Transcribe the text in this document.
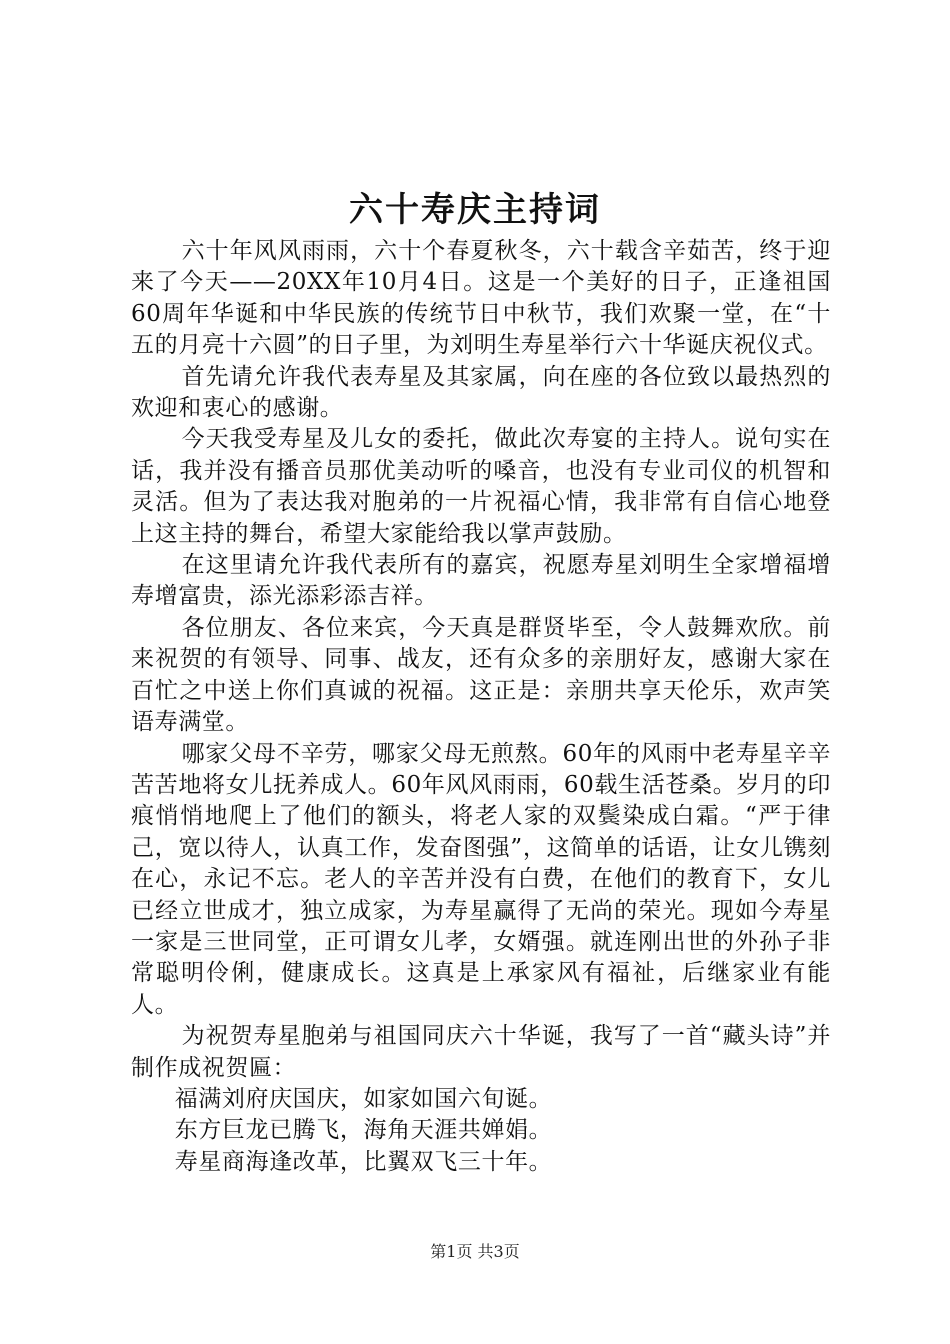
六十寿庆主持词

六十年风风雨雨，六十个春夏秋冬，六十载含辛茹苦，终于迎来了今天——20XX年10月4日。这是一个美好的日子，正逢祖国60周年华诞和中华民族的传统节日中秋节，我们欢聚一堂，在“十五的月亮十六圆”的日子里，为刘明生寿星举行六十华诞庆祝仪式。

首先请允许我代表寿星及其家属，向在座的各位致以最热烈的欢迎和衷心的感谢。

今天我受寿星及儿女的委托，做此次寿宴的主持人。说句实在话，我并没有播音员那优美动听的嗓音，也没有专业司仪的机智和灵活。但为了表达我对胞弟的一片祝福心情，我非常有自信心地登上这主持的舞台，希望大家能给我以掌声鼓励。

在这里请允许我代表所有的嘉宾，祝愿寿星刘明生全家增福增寿增富贵，添光添彩添吉祥。

各位朋友、各位来宾，今天真是群贤毕至，令人鼓舞欢欣。前来祝贺的有领导、同事、战友，还有众多的亲朋好友，感谢大家在百忙之中送上你们真诚的祝福。这正是：亲朋共享天伦乐，欢声笑语寿满堂。

哪家父母不辛劳，哪家父母无煎熬。60年的风雨中老寿星辛辛苦苦地将女儿抚养成人。60年风风雨雨，60载生活苍桑。岁月的印痕悄悄地爬上了他们的额头，将老人家的双鬓染成白霜。“严于律己，宽以待人，认真工作，发奋图强”，这简单的话语，让女儿镌刻在心，永记不忘。老人的辛苦并没有白费，在他们的教育下，女儿已经立世成才，独立成家，为寿星赢得了无尚的荣光。现如今寿星一家是三世同堂，正可谓女儿孝，女婿强。就连刚出世的外孙子非常聪明伶俐，健康成长。这真是上承家风有福祉，后继家业有能人。

为祝贺寿星胞弟与祖国同庆六十华诞，我写了一首“藏头诗”并制作成祝贺匾：

福满刘府庆国庆，如家如国六旬诞。

东方巨龙已腾飞，海角天涯共婵娟。

寿星商海逢改革，比翼双飞三十年。

第1页 共3页
